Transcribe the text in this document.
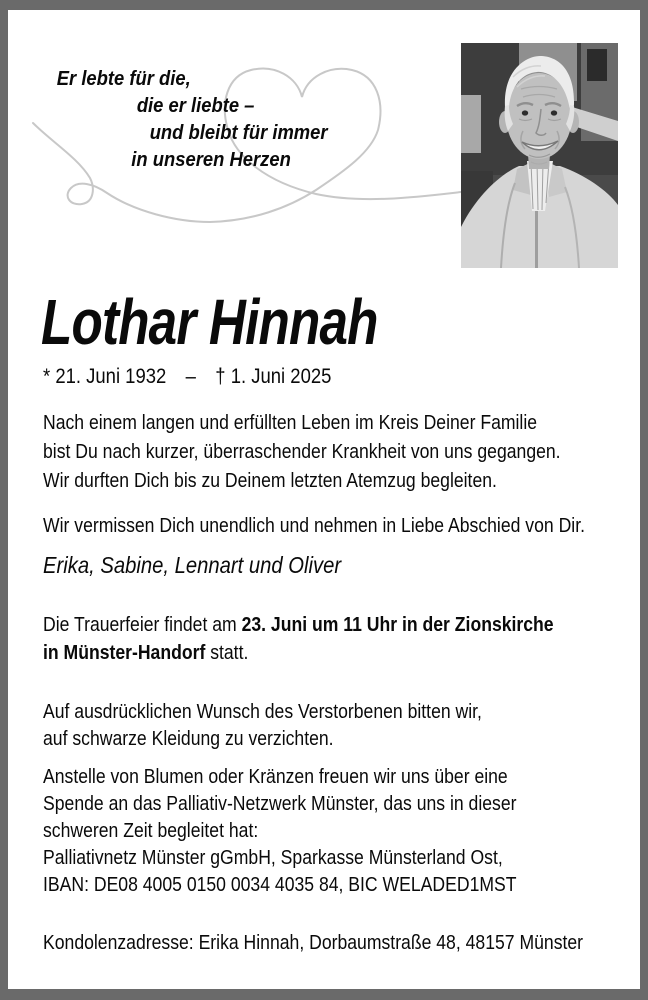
Er lebte für die,
die er liebte –
und bleibt für immer
in unseren Herzen
Lothar Hinnah
* 21. Juni 1932 – † 1. Juni 2025
Nach einem langen und erfüllten Leben im Kreis Deiner Familie
bist Du nach kurzer, überraschender Krankheit von uns gegangen.
Wir durften Dich bis zu Deinem letzten Atemzug begleiten.
Wir vermissen Dich unendlich und nehmen in Liebe Abschied von Dir.
Erika, Sabine, Lennart und Oliver
Die Trauerfeier findet am 23. Juni um 11 Uhr in der Zionskirche
in Münster-Handorf statt.
Auf ausdrücklichen Wunsch des Verstorbenen bitten wir,
auf schwarze Kleidung zu verzichten.
Anstelle von Blumen oder Kränzen freuen wir uns über eine
Spende an das Palliativ-Netzwerk Münster, das uns in dieser
schweren Zeit begleitet hat:
Palliativnetz Münster gGmbH, Sparkasse Münsterland Ost,
IBAN: DE08 4005 0150 0034 4035 84, BIC WELADED1MST
Kondolenzadresse: Erika Hinnah, Dorbaumstraße 48, 48157 Münster
